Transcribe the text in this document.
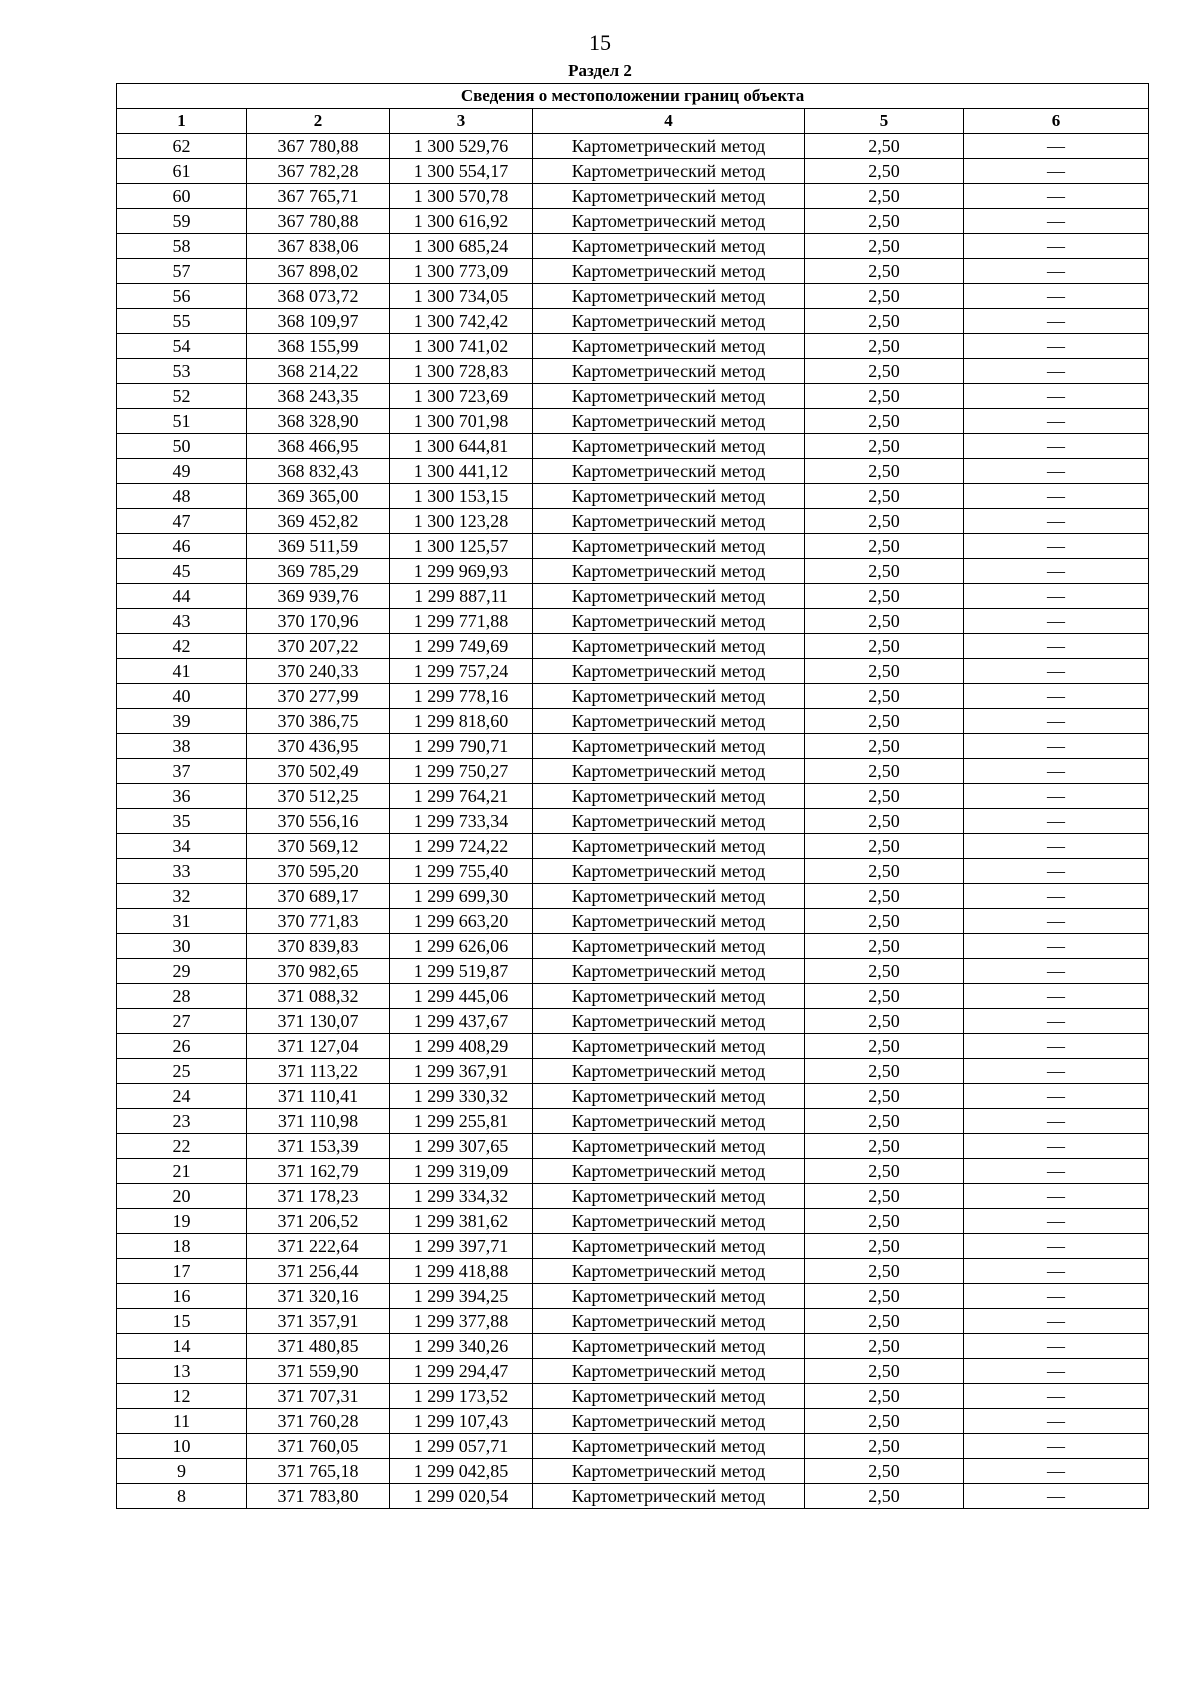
15
Раздел 2
Сведения о местоположении границ объекта					
1	2	3	4	5	6
62	367 780,88	1 300 529,76	Картометрический метод	2,50	—
61	367 782,28	1 300 554,17	Картометрический метод	2,50	—
60	367 765,71	1 300 570,78	Картометрический метод	2,50	—
59	367 780,88	1 300 616,92	Картометрический метод	2,50	—
58	367 838,06	1 300 685,24	Картометрический метод	2,50	—
57	367 898,02	1 300 773,09	Картометрический метод	2,50	—
56	368 073,72	1 300 734,05	Картометрический метод	2,50	—
55	368 109,97	1 300 742,42	Картометрический метод	2,50	—
54	368 155,99	1 300 741,02	Картометрический метод	2,50	—
53	368 214,22	1 300 728,83	Картометрический метод	2,50	—
52	368 243,35	1 300 723,69	Картометрический метод	2,50	—
51	368 328,90	1 300 701,98	Картометрический метод	2,50	—
50	368 466,95	1 300 644,81	Картометрический метод	2,50	—
49	368 832,43	1 300 441,12	Картометрический метод	2,50	—
48	369 365,00	1 300 153,15	Картометрический метод	2,50	—
47	369 452,82	1 300 123,28	Картометрический метод	2,50	—
46	369 511,59	1 300 125,57	Картометрический метод	2,50	—
45	369 785,29	1 299 969,93	Картометрический метод	2,50	—
44	369 939,76	1 299 887,11	Картометрический метод	2,50	—
43	370 170,96	1 299 771,88	Картометрический метод	2,50	—
42	370 207,22	1 299 749,69	Картометрический метод	2,50	—
41	370 240,33	1 299 757,24	Картометрический метод	2,50	—
40	370 277,99	1 299 778,16	Картометрический метод	2,50	—
39	370 386,75	1 299 818,60	Картометрический метод	2,50	—
38	370 436,95	1 299 790,71	Картометрический метод	2,50	—
37	370 502,49	1 299 750,27	Картометрический метод	2,50	—
36	370 512,25	1 299 764,21	Картометрический метод	2,50	—
35	370 556,16	1 299 733,34	Картометрический метод	2,50	—
34	370 569,12	1 299 724,22	Картометрический метод	2,50	—
33	370 595,20	1 299 755,40	Картометрический метод	2,50	—
32	370 689,17	1 299 699,30	Картометрический метод	2,50	—
31	370 771,83	1 299 663,20	Картометрический метод	2,50	—
30	370 839,83	1 299 626,06	Картометрический метод	2,50	—
29	370 982,65	1 299 519,87	Картометрический метод	2,50	—
28	371 088,32	1 299 445,06	Картометрический метод	2,50	—
27	371 130,07	1 299 437,67	Картометрический метод	2,50	—
26	371 127,04	1 299 408,29	Картометрический метод	2,50	—
25	371 113,22	1 299 367,91	Картометрический метод	2,50	—
24	371 110,41	1 299 330,32	Картометрический метод	2,50	—
23	371 110,98	1 299 255,81	Картометрический метод	2,50	—
22	371 153,39	1 299 307,65	Картометрический метод	2,50	—
21	371 162,79	1 299 319,09	Картометрический метод	2,50	—
20	371 178,23	1 299 334,32	Картометрический метод	2,50	—
19	371 206,52	1 299 381,62	Картометрический метод	2,50	—
18	371 222,64	1 299 397,71	Картометрический метод	2,50	—
17	371 256,44	1 299 418,88	Картометрический метод	2,50	—
16	371 320,16	1 299 394,25	Картометрический метод	2,50	—
15	371 357,91	1 299 377,88	Картометрический метод	2,50	—
14	371 480,85	1 299 340,26	Картометрический метод	2,50	—
13	371 559,90	1 299 294,47	Картометрический метод	2,50	—
12	371 707,31	1 299 173,52	Картометрический метод	2,50	—
11	371 760,28	1 299 107,43	Картометрический метод	2,50	—
10	371 760,05	1 299 057,71	Картометрический метод	2,50	—
9	371 765,18	1 299 042,85	Картометрический метод	2,50	—
8	371 783,80	1 299 020,54	Картометрический метод	2,50	—
